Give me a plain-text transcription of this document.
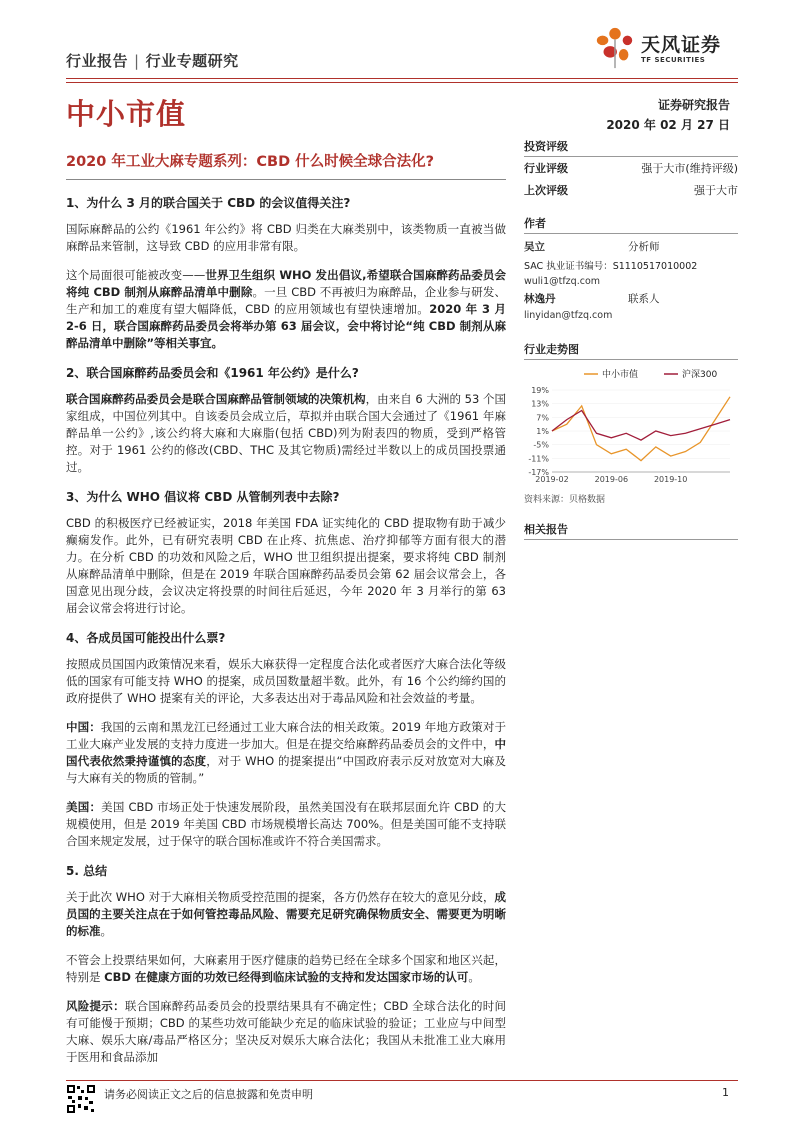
行业报告 | 行业专题研究
天风证券
TF SECURITIES
中小市值	证券研究报告
2020 年 02 月 27 日
2020 年工业大麻专题系列：CBD 什么时候全球合法化?
1、为什么 3 月的联合国关于 CBD 的会议值得关注?

国际麻醉品的公约《1961 年公约》将 CBD 归类在大麻类别中，该类物质一直被当做麻醉品来管制，这导致 CBD 的应用非常有限。

这个局面很可能被改变——世界卫生组织 WHO 发出倡议,希望联合国麻醉药品委员会将纯 CBD 制剂从麻醉品清单中删除。一旦 CBD 不再被归为麻醉品，企业参与研发、生产和加工的难度有望大幅降低，CBD 的应用领域也有望快速增加。2020 年 3 月 2-6 日，联合国麻醉药品委员会将举办第 63 届会议，会中将讨论“纯 CBD 制剂从麻醉品清单中删除”等相关事宜。

2、联合国麻醉药品委员会和《1961 年公约》是什么?

联合国麻醉药品委员会是联合国麻醉品管制领域的决策机构，由来自 6 大洲的 53 个国家组成，中国位列其中。自该委员会成立后，草拟并由联合国大会通过了《1961 年麻醉品单一公约》,该公约将大麻和大麻脂(包括 CBD)列为附表四的物质，受到严格管控。对于 1961 公约的修改(CBD、THC 及其它物质)需经过半数以上的成员国投票通过。

3、为什么 WHO 倡议将 CBD 从管制列表中去除?

CBD 的积极医疗已经被证实，2018 年美国 FDA 证实纯化的 CBD 提取物有助于减少癫痫发作。此外，已有研究表明 CBD 在止疼、抗焦虑、治疗抑郁等方面有很大的潜力。在分析 CBD 的功效和风险之后，WHO 世卫组织提出提案，要求将纯 CBD 制剂从麻醉品清单中删除，但是在 2019 年联合国麻醉药品委员会第 62 届会议常会上，各国意见出现分歧，会议决定将投票的时间往后延迟，今年 2020 年 3 月举行的第 63 届会议常会将进行讨论。

4、各成员国可能投出什么票?

按照成员国国内政策情况来看，娱乐大麻获得一定程度合法化或者医疗大麻合法化等级低的国家有可能支持 WHO 的提案，成员国数量超半数。此外，有 16 个公约缔约国的政府提供了 WHO 提案有关的评论，大多表达出对于毒品风险和社会效益的考量。

中国：我国的云南和黑龙江已经通过工业大麻合法的相关政策。2019 年地方政策对于工业大麻产业发展的支持力度进一步加大。但是在提交给麻醉药品委员会的文件中，中国代表依然秉持谨慎的态度，对于 WHO 的提案提出“中国政府表示反对放宽对大麻及与大麻有关的物质的管制。”

美国：美国 CBD 市场正处于快速发展阶段，虽然美国没有在联邦层面允许 CBD 的大规模使用，但是 2019 年美国 CBD 市场规模增长高达 700%。但是美国可能不支持联合国来规定发展，过于保守的联合国标准或许不符合美国需求。

5. 总结

关于此次 WHO 对于大麻相关物质受控范围的提案，各方仍然存在较大的意见分歧，成员国的主要关注点在于如何管控毒品风险、需要充足研究确保物质安全、需要更为明晰的标准。

不管会上投票结果如何，大麻素用于医疗健康的趋势已经在全球多个国家和地区兴起，特别是 CBD 在健康方面的功效已经得到临床试验的支持和发达国家市场的认可。

风险提示：联合国麻醉药品委员会的投票结果具有不确定性；CBD 全球合法化的时间有可能慢于预期；CBD 的某些功效可能缺少充足的临床试验的验证；工业应与中间型大麻、娱乐大麻/毒品严格区分；坚决反对娱乐大麻合法化；我国从未批准工业大麻用于医用和食品添加

投资评级
行业评级	强于大市(维持评级)
上次评级	强于大市
作者
吴立	分析师
SAC 执业证书编号：S1110517010002
wuli1@tfzq.com
林逸丹	联系人
linyidan@tfzq.com
行业走势图
19%
13%
7%
1%
-5%
-11%
-17%
2019-02	2019-06	2019-10
中小市值	沪深300
资料来源：贝格数据
相关报告
请务必阅读正文之后的信息披露和免责申明	1
